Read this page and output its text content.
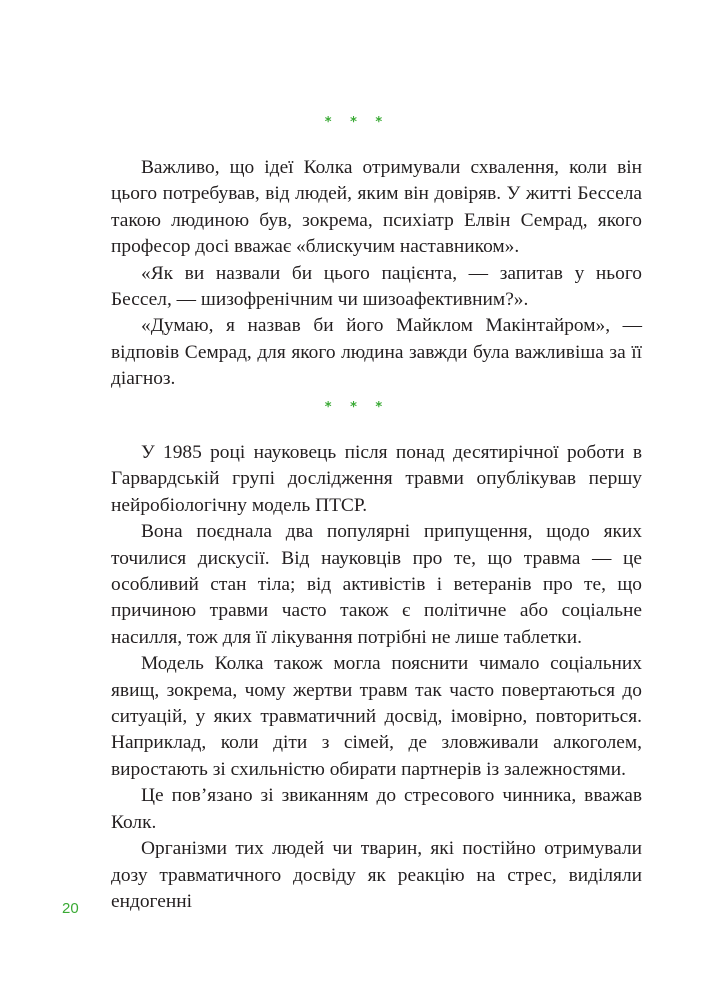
* * *

Важливо, що ідеї Колка отримували схвалення, коли він цього потребував, від людей, яким він довіряв. У житті Бессела такою людиною був, зокрема, психіатр Елвін Семрад, якого професор досі вважає «блискучим наставником».

«Як ви назвали би цього пацієнта, — запитав у нього Бессел, — шизофренічним чи шизоафективним?».

«Думаю, я назвав би його Майклом Макінтайром», — відповів Семрад, для якого людина завжди була важливіша за її діагноз.

* * *

У 1985 році науковець після понад десятирічної роботи в Гарвардській групі дослідження травми опублікував першу нейробіологічну модель ПТСР.

Вона поєднала два популярні припущення, щодо яких точилися дискусії. Від науковців про те, що травма — це особливий стан тіла; від активістів і ветеранів про те, що причиною травми часто також є політичне або соціальне насилля, тож для її лікування потрібні не лише таблетки.

Модель Колка також могла пояснити чимало соціальних явищ, зокрема, чому жертви травм так часто повертаються до ситуацій, у яких травматичний досвід, імовірно, повториться. Наприклад, коли діти з сімей, де зловживали алкоголем, виростають зі схильністю обирати партнерів із залежностями.

Це пов’язано зі звиканням до стресового чинника, вважав Колк.

Організми тих людей чи тварин, які постійно отримували дозу травматичного досвіду як реакцію на стрес, виділяли ендогенні

20
